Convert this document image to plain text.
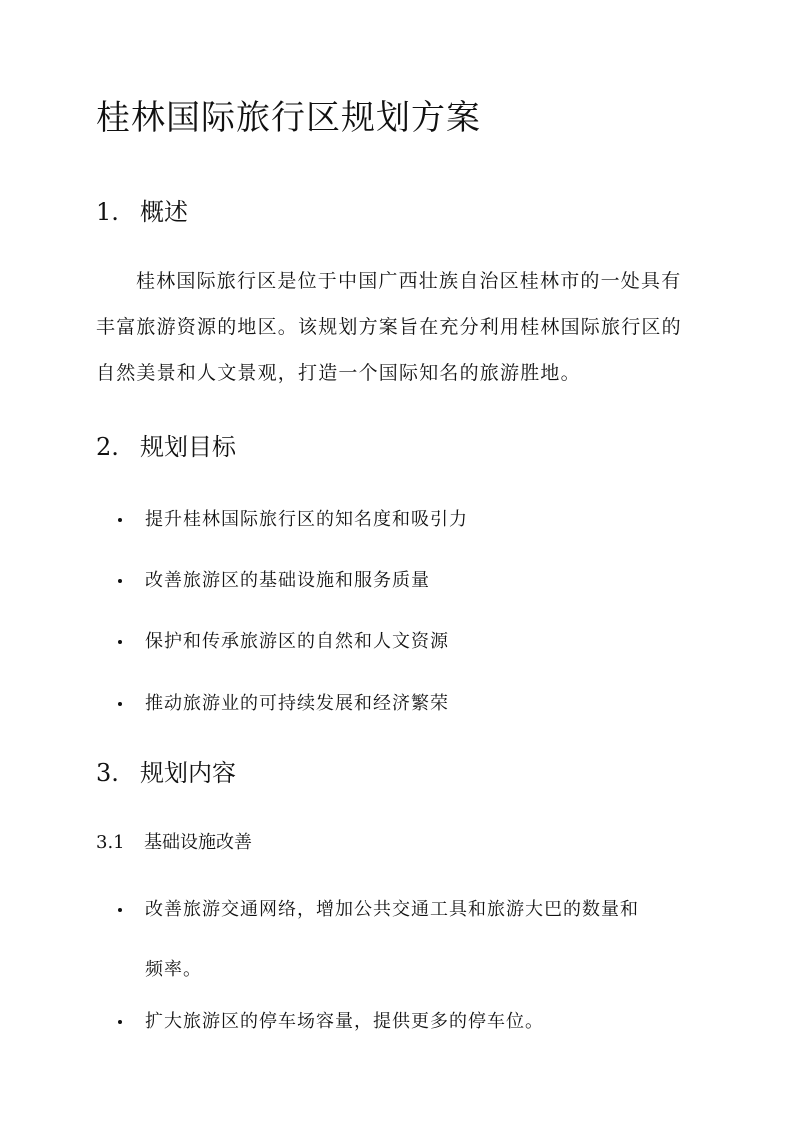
桂林国际旅行区规划方案
1. 概述
桂林国际旅行区是位于中国广西壮族自治区桂林市的一处具有
丰富旅游资源的地区。该规划方案旨在充分利用桂林国际旅行区的
自然美景和人文景观，打造一个国际知名的旅游胜地。
2. 规划目标
提升桂林国际旅行区的知名度和吸引力
改善旅游区的基础设施和服务质量
保护和传承旅游区的自然和人文资源
推动旅游业的可持续发展和经济繁荣
3. 规划内容
3.1 基础设施改善
改善旅游交通网络，增加公共交通工具和旅游大巴的数量和
频率。
扩大旅游区的停车场容量，提供更多的停车位。
